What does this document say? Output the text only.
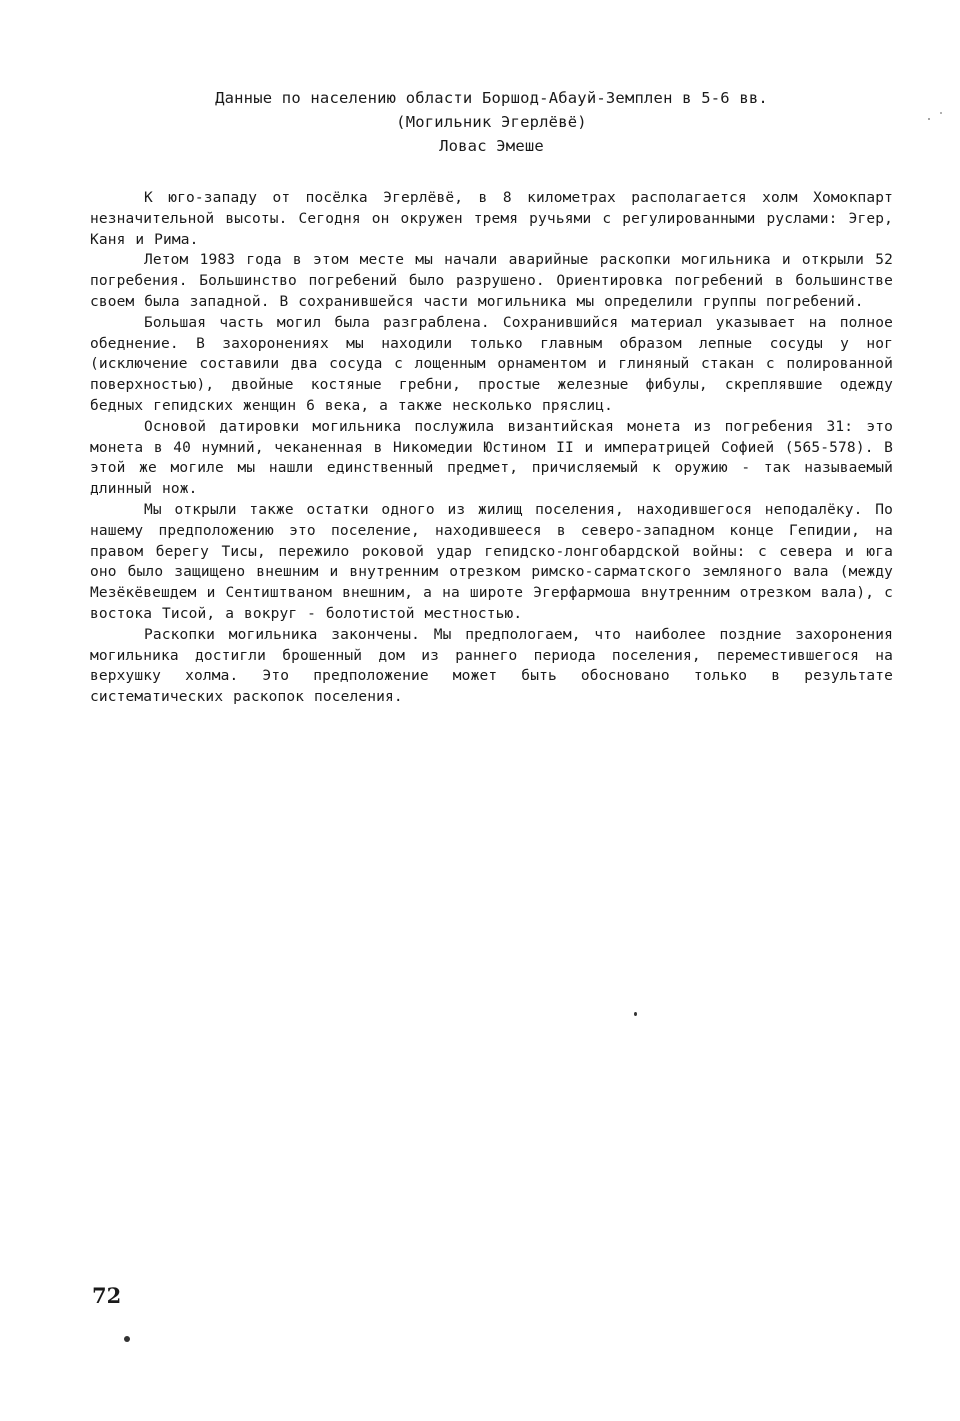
Данные по населению области Боршод-Абауй-Земплен в 5-6 вв.
(Могильник Эгерлёвё)
Ловас Эмеше

К юго-западу от посёлка Эгерлёвё, в 8 километрах располагается холм Хомокпарт незначительной высоты. Сегодня он окружен тремя ручьями с регулированными руслами: Эгер, Каня и Рима.

Летом 1983 года в этом месте мы начали аварийные раскопки могильника и открыли 52 погребения. Большинство погребений было разрушено. Ориентировка погребений в большинстве своем была западной. В сохранившейся части могильника мы определили группы погребений.

Большая часть могил была разграблена. Сохранившийся материал указывает на полное обеднение. В захоронениях мы находили только главным образом лепные сосуды у ног (исключение составили два сосуда с лощенным орнаментом и глиняный стакан с полированной поверхностью), двойные костяные гребни, простые железные фибулы, скреплявшие одежду бедных гепидских женщин 6 века, а также несколько пряслиц.

Основой датировки могильника послужила византийская монета из погребения 31: это монета в 40 нумний, чеканенная в Никомедии Юстином II и императрицей Софией (565-578). В этой же могиле мы нашли единственный предмет, причисляемый к оружию - так называемый длинный нож.

Мы открыли также остатки одного из жилищ поселения, находившегося неподалёку. По нашему предположению это поселение, находившееся в северо-западном конце Гепидии, на правом берегу Тисы, пережило роковой удар гепидско-лонгобардской войны: с севера и юга оно было защищено внешним и внутренним отрезком римско-сарматского земляного вала (между Мезёкёвешдем и Сентиштваном внешним, а на широте Эгерфармоша внутренним отрезком вала), с востока Тисой, а вокруг - болотистой местностью.

Раскопки могильника закончены. Мы предпологаем, что наиболее поздние захоронения могильника достигли брошенный дом из раннего периода поселения, переместившегося на верхушку холма. Это предположение может быть обосновано только в результате систематических раскопок поселения.

72
